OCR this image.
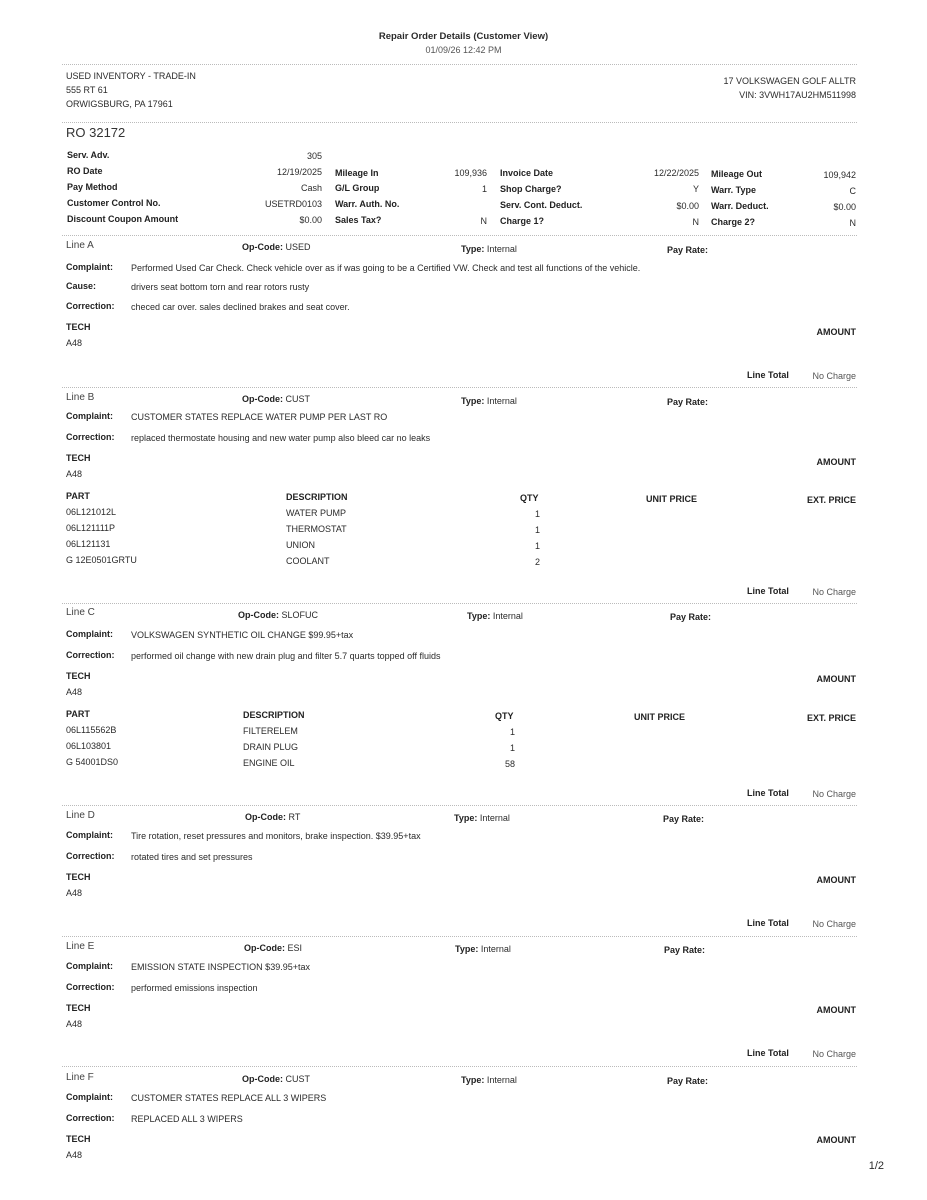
Repair Order Details (Customer View)
01/09/26 12:42 PM
USED INVENTORY - TRADE-IN
555 RT 61
ORWIGSBURG, PA 17961
17 VOLKSWAGEN GOLF ALLTR
VIN: 3VWH17AU2HM511998
RO 32172
Serv. Adv.	305
RO Date	12/19/2025
Pay Method	Cash
Customer Control No.	USETRD0103
Discount Coupon Amount	$0.00
Mileage In	109,936
G/L Group	1
Warr. Auth. No.
Sales Tax?	N
Invoice Date	12/22/2025
Shop Charge?	Y
Serv. Cont. Deduct.	$0.00
Charge 1?	N
Mileage Out	109,942
Warr. Type	C
Warr. Deduct.	$0.00
Charge 2?	N
Line A	Op-Code: USED	Type: Internal	Pay Rate:
Complaint: Performed Used Car Check. Check vehicle over as if was going to be a Certified VW. Check and test all functions of the vehicle.
Cause:	drivers seat bottom torn and rear rotors rusty
Correction: checed car over. sales declined brakes and seat cover.
TECH
A48
AMOUNT
Line Total	No Charge
Line B	Op-Code: CUST	Type: Internal	Pay Rate:
Complaint: CUSTOMER STATES REPLACE WATER PUMP PER LAST RO
Correction: replaced thermostate housing and new water pump also bleed car no leaks
TECH
A48
AMOUNT
PART	DESCRIPTION	QTY	UNIT PRICE	EXT. PRICE
06L121012L	WATER PUMP	1
06L121111P	THERMOSTAT	1
06L121131	UNION	1
G 12E0501GRTU	COOLANT	2
Line Total	No Charge
Line C	Op-Code: SLOFUC	Type: Internal	Pay Rate:
Complaint: VOLKSWAGEN SYNTHETIC OIL CHANGE $99.95+tax
Correction: performed oil change with new drain plug and filter 5.7 quarts topped off fluids
TECH
A48
AMOUNT
PART	DESCRIPTION	QTY	UNIT PRICE	EXT. PRICE
06L115562B	FILTERELEM	1
06L103801	DRAIN PLUG	1
G 54001DS0	ENGINE OIL	58
Line Total	No Charge
Line D	Op-Code: RT	Type: Internal	Pay Rate:
Complaint: Tire rotation, reset pressures and monitors, brake inspection. $39.95+tax
Correction: rotated tires and set pressures
TECH
A48
AMOUNT
Line Total	No Charge
Line E	Op-Code: ESI	Type: Internal	Pay Rate:
Complaint: EMISSION STATE INSPECTION $39.95+tax
Correction: performed emissions inspection
TECH
A48
AMOUNT
Line Total	No Charge
Line F	Op-Code: CUST	Type: Internal	Pay Rate:
Complaint: CUSTOMER STATES REPLACE ALL 3 WIPERS
Correction: REPLACED ALL 3 WIPERS
TECH
A48
AMOUNT
1/2
